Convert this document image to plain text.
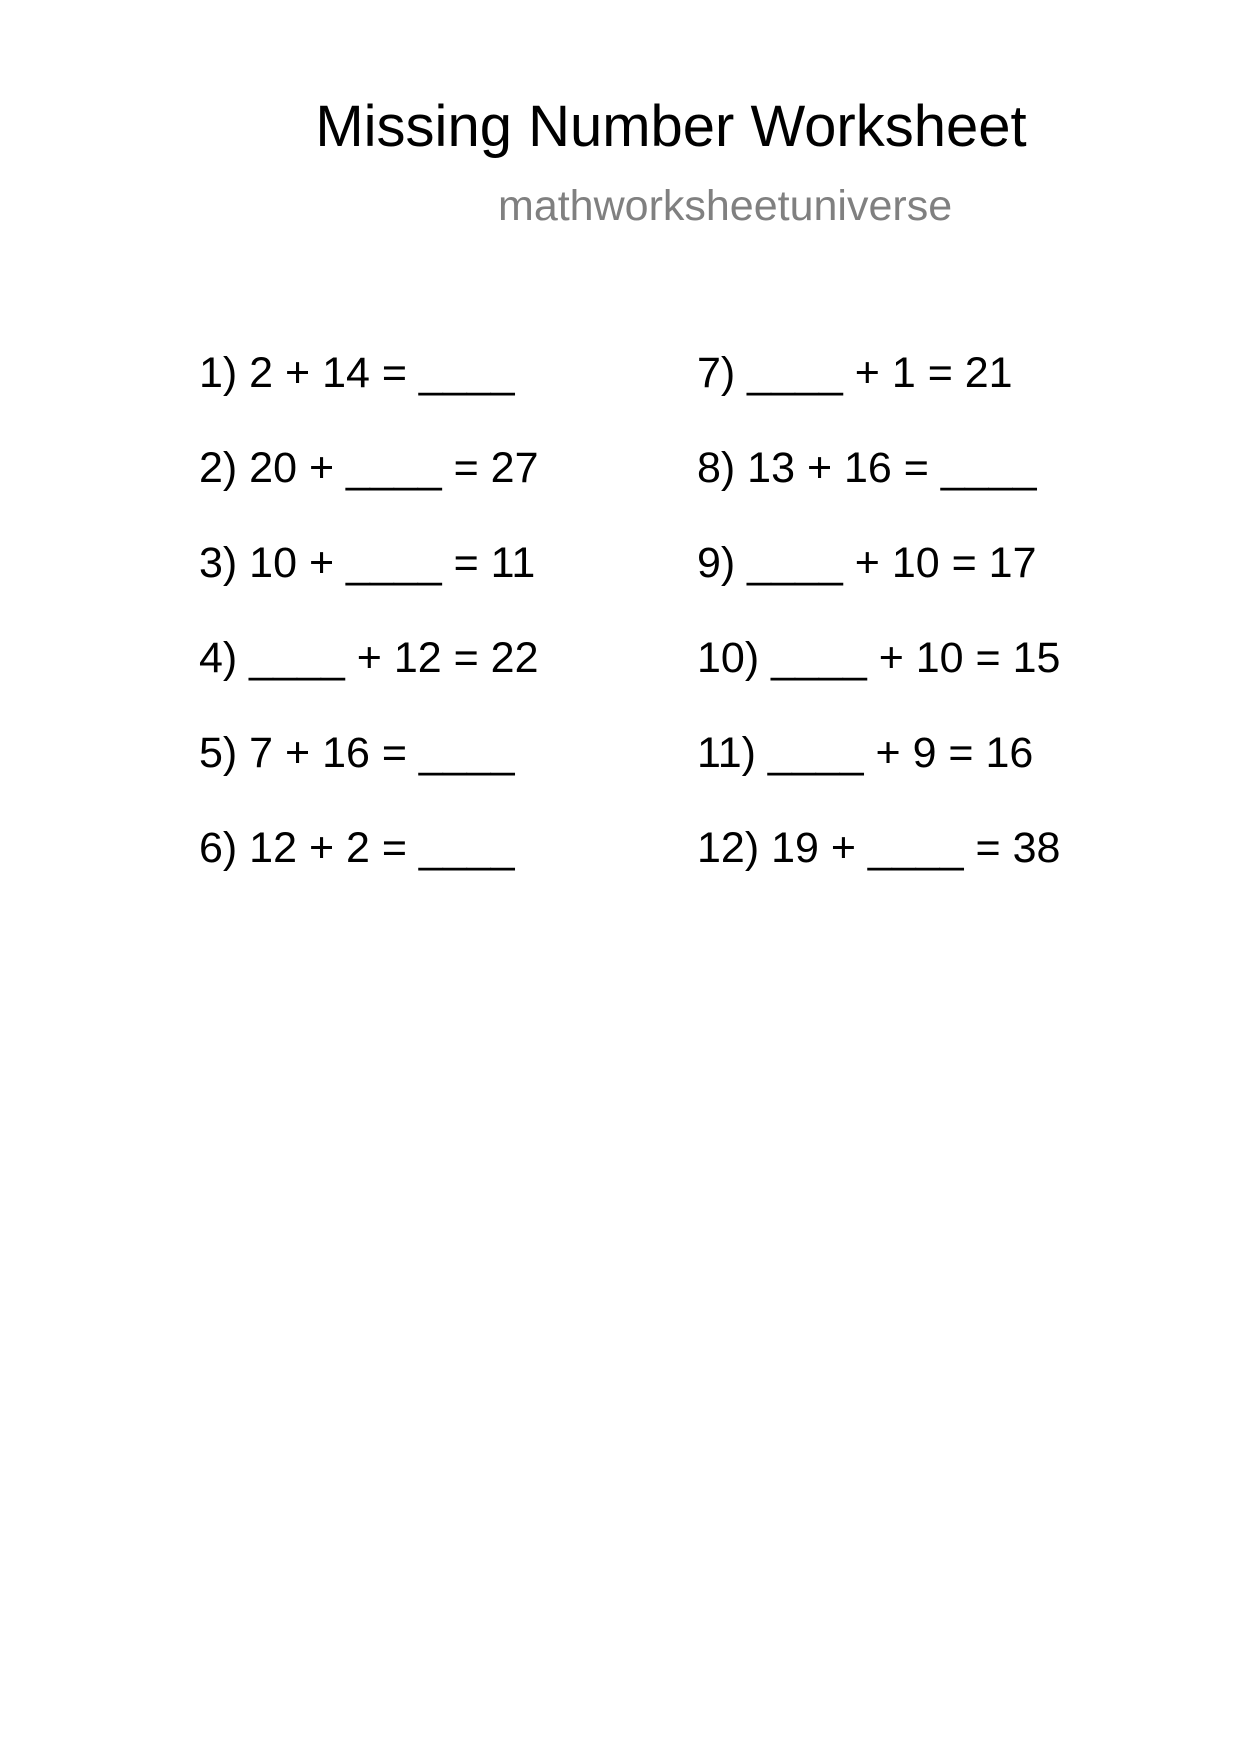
Missing Number Worksheet
mathworksheetuniverse
1) 2 + 14 = ____
2) 20 + ____ = 27
3) 10 + ____ = 11
4) ____ + 12 = 22
5) 7 + 16 = ____
6) 12 + 2 = ____
7) ____ + 1 = 21
8) 13 + 16 = ____
9) ____ + 10 = 17
10) ____ + 10 = 15
11) ____ + 9 = 16
12) 19 + ____ = 38
